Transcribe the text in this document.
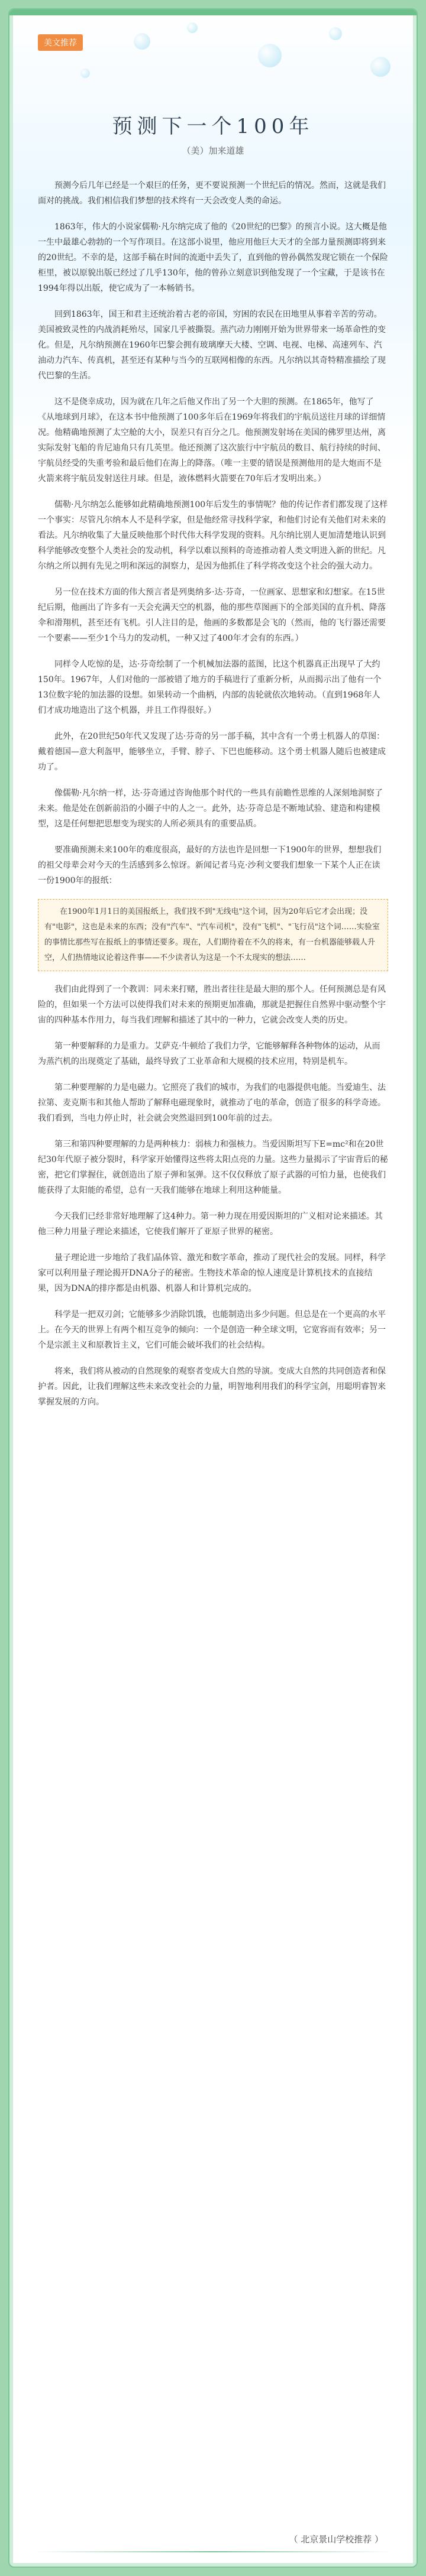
美文推荐
预测下一个100年
（美）加来道雄

预测今后几年已经是一个艰巨的任务，更不要说预测一个世纪后的情况。然而，这就是我们面对的挑战。我们相信我们梦想的技术终有一天会改变人类的命运。

1863年，伟大的小说家儒勒·凡尔纳完成了他的《20世纪的巴黎》的预言小说。这大概是他一生中最雄心勃勃的一个写作项目。在这部小说里，他应用他巨大天才的全部力量预测即将到来的20世纪。不幸的是，这部手稿在时间的流逝中丢失了，直到他的曾孙偶然发现它锁在一个保险柜里，被以原貌出版已经过了几乎130年，他的曾孙立刻意识到他发现了一个宝藏，于是该书在1994年得以出版，使它成为了一本畅销书。

回到1863年，国王和君主还统治着古老的帝国，穷困的农民在田地里从事着辛苦的劳动。美国被致灵性的内战消耗殆尽，国家几乎被撕裂。蒸汽动力刚刚开始为世界带来一场革命性的变化。但是，凡尔纳预测在1960年巴黎会拥有玻璃摩天大楼、空调、电视、电梯、高速列车、汽油动力汽车、传真机，甚至还有某种与当今的互联网相像的东西。凡尔纳以其奇特精准描绘了现代巴黎的生活。

这不是侥幸成功，因为就在几年之后他又作出了另一个大胆的预测。在1865年，他写了《从地球到月球》，在这本书中他预测了100多年后在1969年将我们的宇航员送往月球的详细情况。他精确地预测了太空舱的大小，误差只有百分之几。他预测发射场在美国的佛罗里达州，离实际发射飞船的肯尼迪角只有几英里。他还预测了这次旅行中宇航员的数目、航行持续的时间、宇航员经受的失重考验和最后他们在海上的降落。（唯一主要的错误是预测他用的是大炮而不是火箭来将宇航员发射送往月球。但是，液体燃料火箭要在70年后才发明出来。）

儒勒·凡尔纳怎么能够如此精确地预测100年后发生的事情呢？他的传记作者们都发现了这样一个事实：尽管凡尔纳本人不是科学家，但是他经常寻找科学家，和他们讨论有关他们对未来的看法。凡尔纳收集了大量反映他那个时代伟大科学发现的资料。凡尔纳比别人更加清楚地认识到科学能够改变整个人类社会的发动机，科学以难以预料的奇迹推动着人类文明进入新的世纪。凡尔纳之所以拥有先见之明和深远的洞察力，是因为他抓住了科学将改变这个社会的强大动力。

另一位在技术方面的伟大预言者是列奥纳多·达·芬奇，一位画家、思想家和幻想家。在15世纪后期，他画出了许多有一天会充满天空的机器，他的那些草图画下的全部美国的直升机、降落伞和滑翔机，甚至还有飞机。引人注目的是，他画的多数都是会飞的（然而，他的飞行器还需要一个要素——至少1个马力的发动机，一种又过了400年才会有的东西。）

同样令人吃惊的是，达·芬奇绘制了一个机械加法器的蓝图，比这个机器真正出现早了大约150年。1967年，人们对他的一部被错了地方的手稿进行了重新分析，从而揭示出了他有一个13位数字轮的加法器的设想。如果转动一个曲柄，内部的齿轮就依次地转动。（直到1968年人们才成功地造出了这个机器，并且工作得很好。）

此外，在20世纪50年代又发现了达·芬奇的另一部手稿，其中含有一个勇士机器人的草图：戴着德国—意大利盔甲，能够坐立，手臂、脖子、下巴也能移动。这个勇士机器人随后也被建成功了。

像儒勒·凡尔纳一样，达·芬奇通过咨询他那个时代的一些具有前瞻性思维的人深刻地洞察了未来。他是处在创新前沿的小圈子中的人之一。此外，达·芬奇总是不断地试验、建造和构建模型，这是任何想把思想变为现实的人所必须具有的重要品质。

要准确预测未来100年的难度很高，最好的方法也许是回想一下1900年的世界，想想我们的祖父母辈会对今天的生活感到多么惊讶。新闻记者马克·沙利文要我们想象一下某个人正在读一份1900年的报纸：

在1900年1月1日的美国报纸上，我们找不到"无线电"这个词，因为20年后它才会出现；没有"电影"，这也是未来的东西；没有"汽车"、"汽车司机"，没有"飞机"、"飞行员"这个词……实验室的事情比那些写在报纸上的事情还要多。现在，人们期待着在不久的将来，有一台机器能够载人升空，人们热情地议论着这件事——不少读者认为这是一个不太现实的想法……

我们由此得到了一个教训：同未来打赌，胜出者往往是最大胆的那个人。任何预测总是有风险的，但如果一个方法可以使得我们对未来的预期更加准确，那就是把握住自然界中驱动整个宇宙的四种基本作用力，每当我们理解和描述了其中的一种力，它就会改变人类的历史。

第一种要解释的力是重力。艾萨克·牛顿给了我们力学，它能够解释各种物体的运动，从而为蒸汽机的出现奠定了基础，最终导致了工业革命和大规模的技术应用，特别是机车。

第二种要理解的力是电磁力。它照亮了我们的城市，为我们的电器提供电能。当爱迪生、法拉第、麦克斯韦和其他人帮助了解释电磁现象时，就推动了电的革命，创造了很多的科学奇迹。我们看到，当电力停止时，社会就会突然退回到100年前的过去。

第三和第四种要理解的力是两种核力：弱核力和强核力。当爱因斯坦写下E=mc²和在20世纪30年代原子被分裂时，科学家开始懂得这些将太阳点亮的力量。这些力量揭示了宇宙背后的秘密，把它们掌握住，就创造出了原子弹和氢弹。这不仅仅释放了原子武器的可怕力量，也使我们能获得了太阳能的希望，总有一天我们能够在地球上利用这种能量。

今天我们已经非常好地理解了这4种力。第一种力现在用爱因斯坦的广义相对论来描述。其他三种力用量子理论来描述，它使我们解开了亚原子世界的秘密。

量子理论进一步地给了我们晶体管、激光和数字革命，推动了现代社会的发展。同样，科学家可以利用量子理论揭开DNA分子的秘密。生物技术革命的惊人速度是计算机技术的直接结果，因为DNA的排序都是由机器、机器人和计算机完成的。

科学是一把双刃剑；它能够多少消除饥饿，也能制造出多少问题。但总是在一个更高的水平上。在今天的世界上有两个相互竞争的倾向：一个是创造一种全球文明，它宽容而有效率；另一个是宗派主义和原教旨主义，它们可能会破坏我们的社会结构。

将来，我们将从被动的自然现象的观察者变成大自然的导演。变成大自然的共同创造者和保护者。因此，让我们理解这些未来改变社会的力量，明智地利用我们的科学宝剑，用聪明睿智来掌握发展的方向。

（ 北京景山学校推荐 ）
